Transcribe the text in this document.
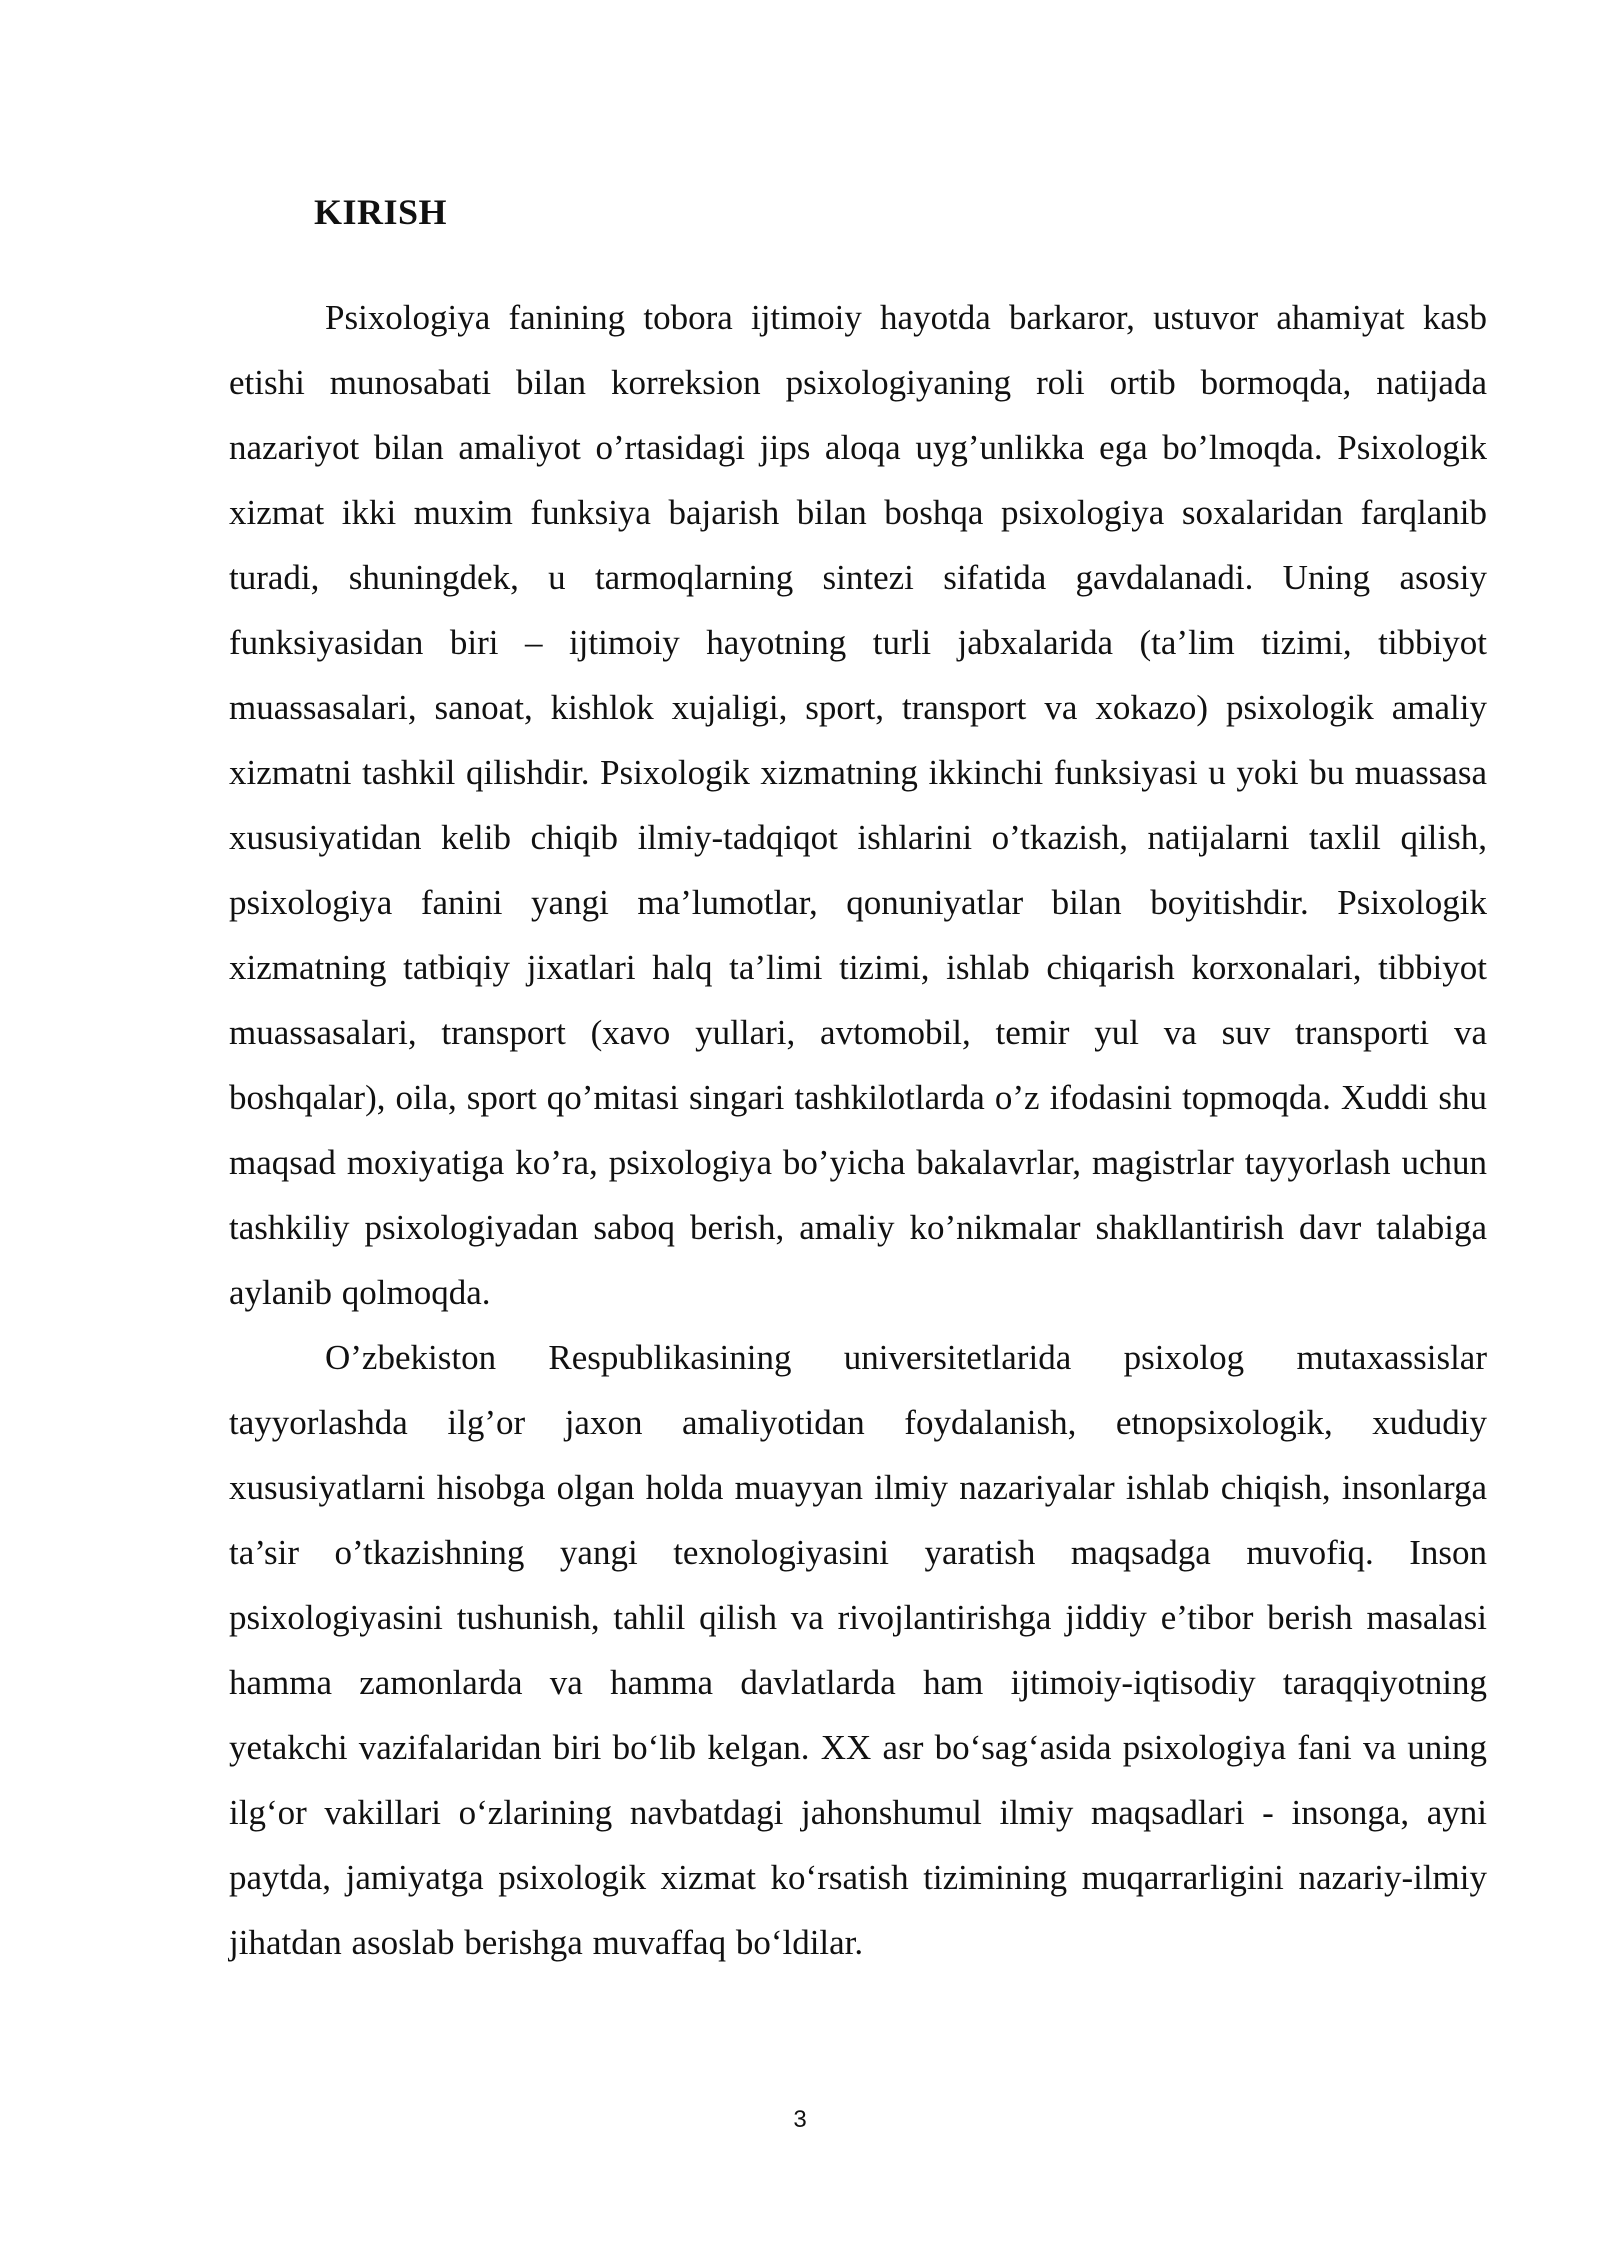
KIRISH

Psixologiya fanining tobora ijtimoiy hayotda barkaror, ustuvor ahamiyat kasb etishi munosabati bilan korreksion psixologiyaning roli ortib bormoqda, natijada nazariyot bilan amaliyot o’rtasidagi jips aloqa uyg’unlikka ega bo’lmoqda. Psixologik xizmat ikki muxim funksiya bajarish bilan boshqa psixologiya soxalaridan farqlanib turadi, shuningdek, u tarmoqlarning sintezi sifatida gavdalanadi. Uning asosiy funksiyasidan biri – ijtimoiy hayotning turli jabxalarida (ta’lim tizimi, tibbiyot muassasalari, sanoat, kishlok xujaligi, sport, transport va xokazo) psixologik amaliy xizmatni tashkil qilishdir. Psixologik xizmatning ikkinchi funksiyasi u yoki bu muassasa xususiyatidan kelib chiqib ilmiy-tadqiqot ishlarini o’tkazish, natijalarni taxlil qilish, psixologiya fanini yangi ma’lumotlar, qonuniyatlar bilan boyitishdir. Psixologik xizmatning tatbiqiy jixatlari halq ta’limi tizimi, ishlab chiqarish korxonalari, tibbiyot muassasalari, transport (xavo yullari, avtomobil, temir yul va suv transporti va boshqalar), oila, sport qo’mitasi singari tashkilotlarda o’z ifodasini topmoqda. Xuddi shu maqsad moxiyatiga ko’ra, psixologiya bo’yicha bakalavrlar, magistrlar tayyorlash uchun tashkiliy psixologiyadan saboq berish, amaliy ko’nikmalar shakllantirish davr talabiga aylanib qolmoqda.

O’zbekiston Respublikasining universitetlarida psixolog mutaxassislar tayyorlashda ilg’or jaxon amaliyotidan foydalanish, etnopsixologik, xududiy xususiyatlarni hisobga olgan holda muayyan ilmiy nazariyalar ishlab chiqish, insonlarga ta’sir o’tkazishning yangi texnologiyasini yaratish maqsadga muvofiq. Inson psixologiyasini tushunish, tahlil qilish va rivojlantirishga jiddiy e’tibor berish masalasi hamma zamonlarda va hamma davlatlarda ham ijtimoiy-iqtisodiy taraqqiyotning yetakchi vazifalaridan biri bo‘lib kelgan. XX asr bo‘sag‘asida psixologiya fani va uning ilg‘or vakillari o‘zlarining navbatdagi jahonshumul ilmiy maqsadlari - insonga, ayni paytda, jamiyatga psixologik xizmat ko‘rsatish tizimining muqarrarligini nazariy-ilmiy jihatdan asoslab berishga muvaffaq bo‘ldilar.

3
